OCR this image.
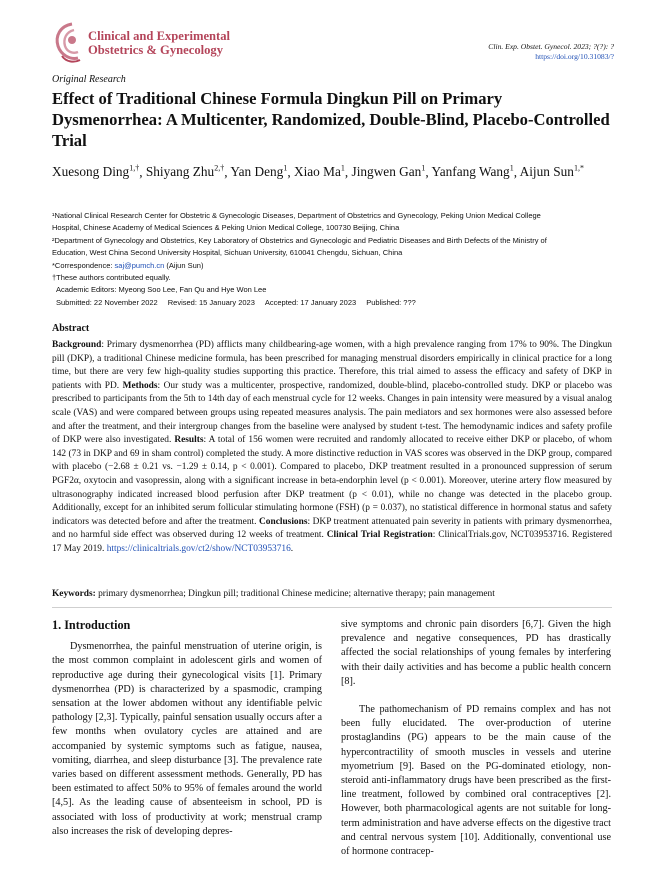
Clinical and Experimental
Obstetrics & Gynecology	Clin. Exp. Obstet. Gynecol. 2023; ?(?): ?
https://doi.org/10.31083/?
Original Research
Effect of Traditional Chinese Formula Dingkun Pill on Primary Dysmenorrhea: A Multicenter, Randomized, Double-Blind, Placebo-Controlled Trial
Xuesong Ding$^{1,\dagger}$, Shiyang Zhu$^{2,\dagger}$, Yan Deng$^1$, Xiao Ma$^1$, Jingwen Gan$^1$, Yanfang Wang$^1$, Aijun Sun$^{1,*}$
¹National Clinical Research Center for Obstetric & Gynecologic Diseases, Department of Obstetrics and Gynecology, Peking Union Medical College
Hospital, Chinese Academy of Medical Sciences & Peking Union Medical College, 100730 Beijing, China
²Department of Gynecology and Obstetrics, Key Laboratory of Obstetrics and Gynecologic and Pediatric Diseases and Birth Defects of the Ministry of
Education, West China Second University Hospital, Sichuan University, 610041 Chengdu, Sichuan, China
*Correspondence: saj@pumch.cn (Aijun Sun)
†These authors contributed equally.
Academic Editors: Myeong Soo Lee, Fan Qu and Hye Won Lee
Submitted: 22 November 2022 Revised: 15 January 2023 Accepted: 17 January 2023 Published: ???
Abstract
Background: Primary dysmenorrhea (PD) afflicts many childbearing-age women, with a high prevalence ranging from 17% to 90%. The Dingkun pill (DKP), a traditional Chinese medicine formula, has been prescribed for managing menstrual disorders empirically in clinical practice for a long time, but there are very few high-quality studies supporting this practice. Therefore, this trial aimed to assess the efficacy and safety of DKP in patients with PD. Methods: Our study was a multicenter, prospective, randomized, double-blind, placebo-controlled study. DKP or placebo was prescribed to participants from the 5th to 14th day of each menstrual cycle for 12 weeks. Changes in pain intensity were measured by a visual analog scale (VAS) and were compared between groups using repeated measures analysis. The pain mediators and sex hormones were also assessed before and after the treatment, and their intergroup changes from the baseline were analysed by student t-test. The hemodynamic indices and safety profile of DKP were also investigated. Results: A total of 156 women were recruited and randomly allocated to receive either DKP or placebo, of whom 142 (73 in DKP and 69 in sham control) completed the study. A more distinctive reduction in VAS scores was observed in the DKP group, compared with placebo (−2.68 ± 0.21 vs. −1.29 ± 0.14, p < 0.001). Compared to placebo, DKP treatment resulted in a pronounced suppression of serum PGF2α, oxytocin and vasopressin, along with a significant increase in beta-endorphin level (p < 0.001). Moreover, uterine artery flow measured by ultrasonography indicated increased blood perfusion after DKP treatment (p < 0.01), while no change was detected in the placebo group. Additionally, except for an inhibited serum follicular stimulating hormone (FSH) (p = 0.037), no statistical difference in hormonal status and safety indicators was detected before and after the treatment. Conclusions: DKP treatment attenuated pain severity in patients with primary dysmenorrhea, and no harmful side effect was observed during 12 weeks of treatment. Clinical Trial Registration: ClinicalTrials.gov, NCT03953716. Registered 17 May 2019. https://clinicaltrials.gov/ct2/show/NCT03953716.
Keywords: primary dysmenorrhea; Dingkun pill; traditional Chinese medicine; alternative therapy; pain management
1. Introduction

Dysmenorrhea, the painful menstruation of uterine origin, is the most common complaint in adolescent girls and women of reproductive age during their gynecological visits [1]. Primary dysmenorrhea (PD) is characterized by a spasmodic, cramping sensation at the lower abdomen without any identifiable pelvic pathology [2,3]. Typically, painful sensation usually occurs after a few months when ovulatory cycles are attained and are accompanied by systemic symptoms such as fatigue, nausea, vomiting, diarrhea, and sleep disturbance [3]. The prevalence rate varies based on different assessment methods. Generally, PD has been estimated to affect 50% to 95% of females around the world [4,5]. As the leading cause of absenteeism in school, PD is associated with loss of productivity at work; menstrual cramp also increases the risk of developing depres-

sive symptoms and chronic pain disorders [6,7]. Given the high prevalence and negative consequences, PD has drastically affected the social relationships of young females by interfering with their daily activities and has become a public health concern [8].

The pathomechanism of PD remains complex and has not been fully elucidated. The over-production of uterine prostaglandins (PG) appears to be the main cause of the hypercontractility of smooth muscles in vessels and uterine myometrium [9]. Based on the PG-dominated etiology, non-steroid anti-inflammatory drugs have been prescribed as the first-line treatment, followed by combined oral contraceptives [2]. However, both pharmacological agents are not suitable for long-term administration and have adverse effects on the digestive tract and central nervous system [10]. Additionally, conventional use of hormone contracep-
